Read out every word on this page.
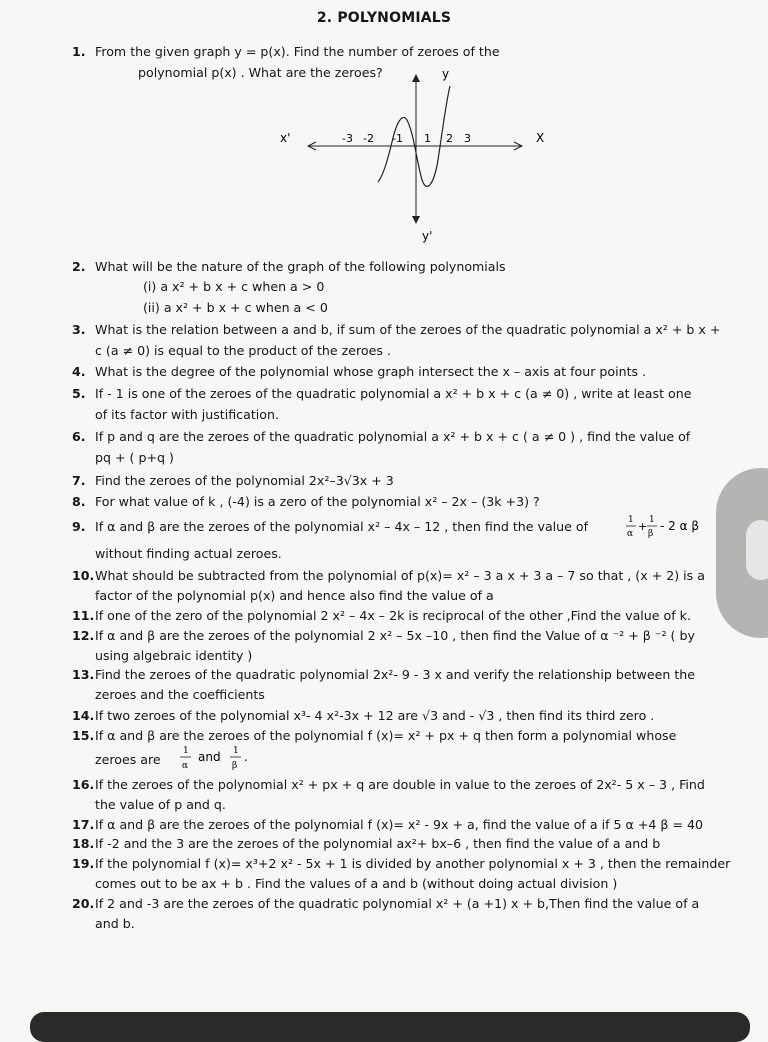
2. POLYNOMIALS
1. From the given graph y = p(x). Find the number of zeroes of the
polynomial p(x) . What are the zeroes?
x'	X
y
y'
-3 -2 -1 1 2 3
2. What will be the nature of the graph of the following polynomials
(i) a x² + b x + c when a > 0
(ii) a x² + b x + c when a < 0
3. What is the relation between a and b, if sum of the zeroes of the quadratic polynomial a x² + b x +
c (a ≠ 0) is equal to the product of the zeroes .
4. What is the degree of the polynomial whose graph intersect the x – axis at four points .
5. If - 1 is one of the zeroes of the quadratic polynomial a x² + b x + c (a ≠ 0) , write at least one
of its factor with justification.
6. If p and q are the zeroes of the quadratic polynomial a x² + b x + c ( a ≠ 0 ) , find the value of
pq + ( p+q )
7. Find the zeroes of the polynomial 2x²–3√3x + 3
8. For what value of k , (-4) is a zero of the polynomial x² – 2x – (3k +3) ?
9. If α and β are the zeroes of the polynomial x² – 4x – 12 , then find the value of	1
α
+ 1
β
- 2 α β
without finding actual zeroes.
10. What should be subtracted from the polynomial of p(x)= x² – 3 a x + 3 a – 7 so that , (x + 2) is a
factor of the polynomial p(x) and hence also find the value of a
11. If one of the zero of the polynomial 2 x² – 4x – 2k is reciprocal of the other ,Find the value of k.
12. If α and β are the zeroes of the polynomial 2 x² – 5x –10 , then find the Value of α ⁻² + β ⁻² ( by
using algebraic identity )
13. Find the zeroes of the quadratic polynomial 2x²- 9 - 3 x and verify the relationship between the
zeroes and the coefficients
14. If two zeroes of the polynomial x³- 4 x²-3x + 12 are √3 and - √3 , then find its third zero .
15. If α and β are the zeroes of the polynomial f (x)= x² + px + q then form a polynomial whose
zeroes are
1
α
and 1
β
.
16. If the zeroes of the polynomial x² + px + q are double in value to the zeroes of 2x²- 5 x – 3 , Find
the value of p and q.
17. If α and β are the zeroes of the polynomial f (x)= x² - 9x + a, find the value of a if 5 α +4 β = 40
18. If -2 and the 3 are the zeroes of the polynomial ax²+ bx–6 , then find the value of a and b
19. If the polynomial f (x)= x³+2 x² - 5x + 1 is divided by another polynomial x + 3 , then the remainder
comes out to be ax + b . Find the values of a and b (without doing actual division )
20. If 2 and -3 are the zeroes of the quadratic polynomial x² + (a +1) x + b,Then find the value of a
and b.
